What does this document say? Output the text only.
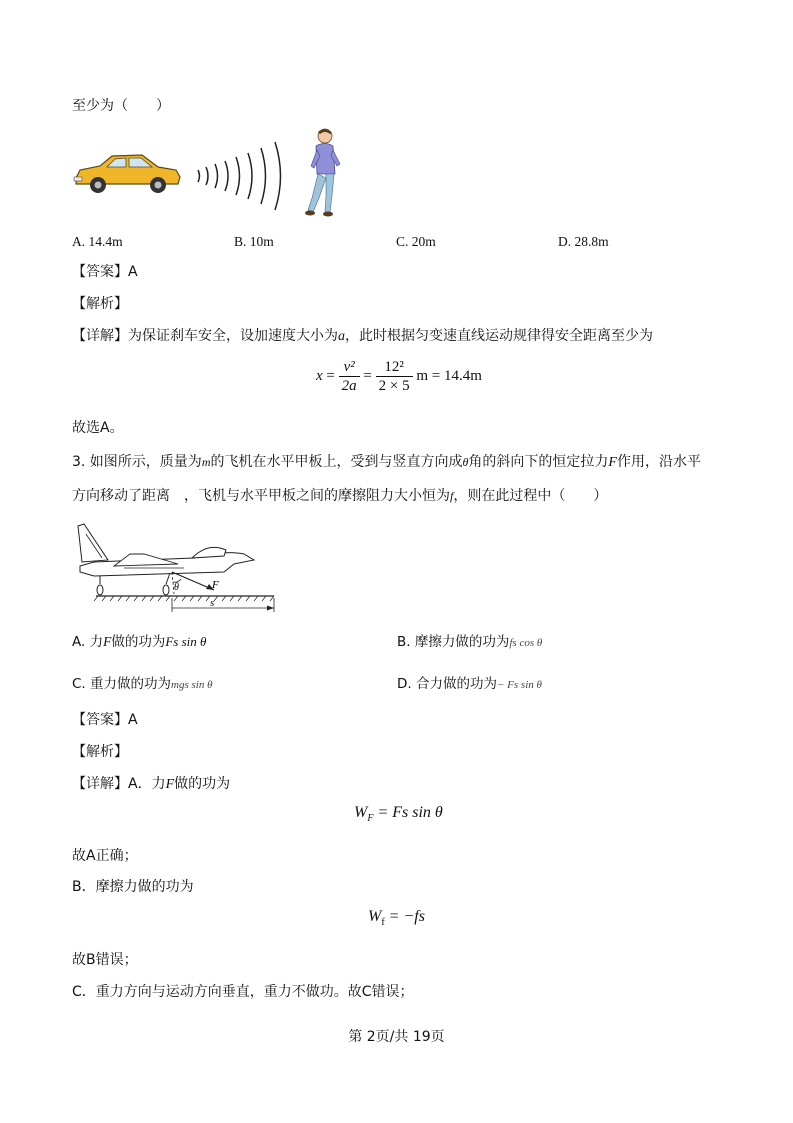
至少为（　　）
A. 14.4m	B. 10m	C. 20m	D. 28.8m
【答案】A
【解析】
【详解】为保证刹车安全，设加速度大小为a，此时根据匀变速直线运动规律得安全距离至少为
$x = \frac{\text{v²}}{2a} = \frac{\text{12²}}{2 \times 5}$ m = 14.4m
故选A。
3. 如图所示，质量为m的飞机在水平甲板上，受到与竖直方向成θ角的斜向下的恒定拉力F作用，沿水平
方向移动了距离　，飞机与水平甲板之间的摩擦阻力大小恒为f，则在此过程中（　　）
F
θ
s
A. 力F做的功为Fs sin θ	B. 摩擦力做的功为fs cos θ
C. 重力做的功为mgs sin θ	D. 合力做的功为− Fs sin θ
【答案】A
【解析】
【详解】A．力F做的功为
$W_F = Fs$ sin θ
故A正确；
B．摩擦力做的功为
$W_f = -fs$
故B错误；
C．重力方向与运动方向垂直，重力不做功。故C错误；
第 2页/共 19页
